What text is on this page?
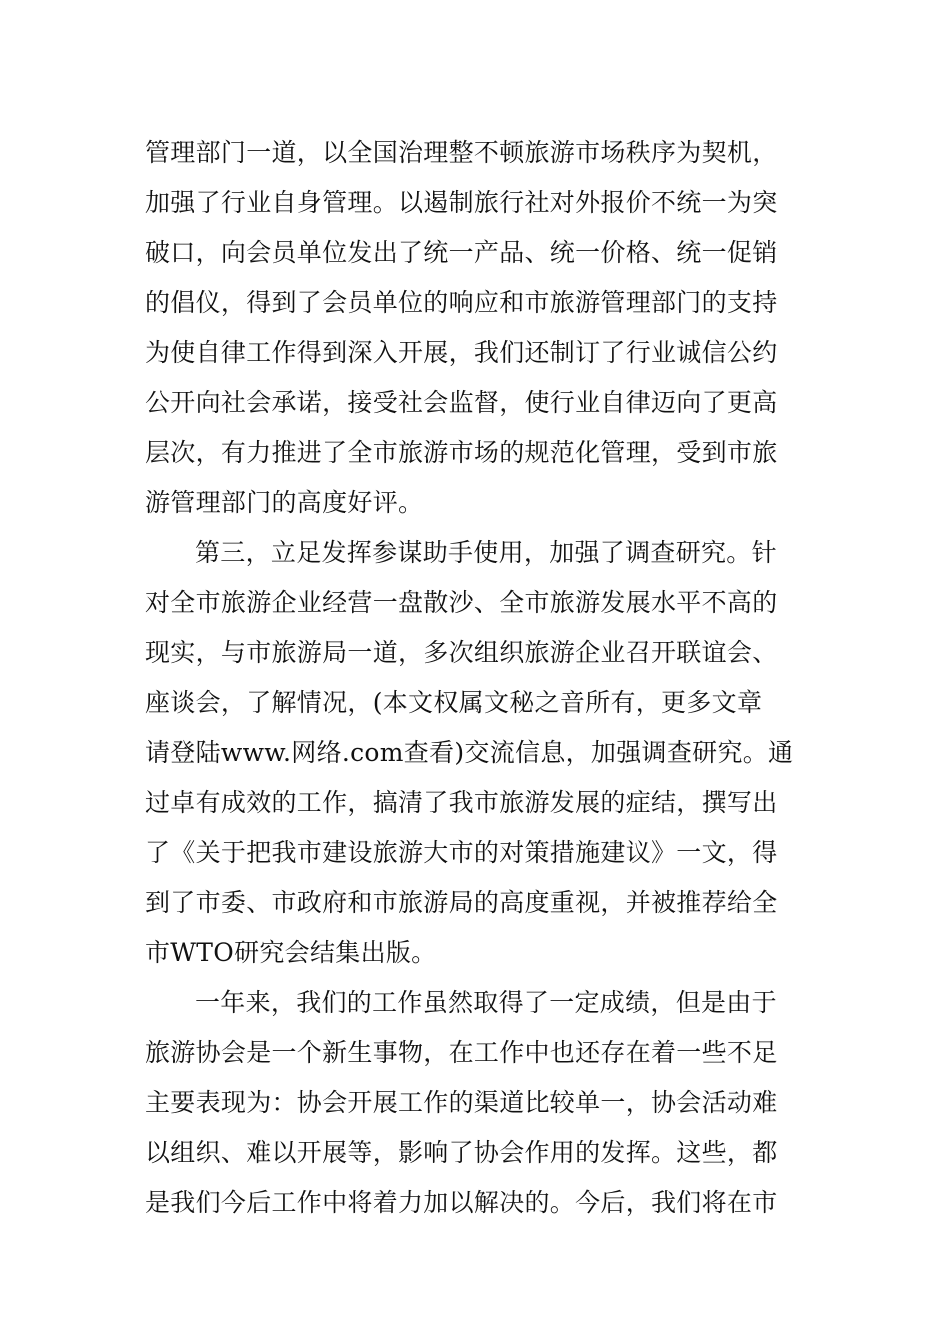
管理部门一道，以全国治理整不顿旅游市场秩序为契机，
加强了行业自身管理。以遏制旅行社对外报价不统一为突
破口，向会员单位发出了统一产品、统一价格、统一促销
的倡仪，得到了会员单位的响应和市旅游管理部门的支持
为使自律工作得到深入开展，我们还制订了行业诚信公约
公开向社会承诺，接受社会监督，使行业自律迈向了更高
层次，有力推进了全市旅游市场的规范化管理，受到市旅
游管理部门的高度好评。
第三，立足发挥参谋助手使用，加强了调查研究。针
对全市旅游企业经营一盘散沙、全市旅游发展水平不高的
现实，与市旅游局一道，多次组织旅游企业召开联谊会、
座谈会，了解情况，(本文权属文秘之音所有，更多文章
请登陆www.网络.com查看)交流信息，加强调查研究。通
过卓有成效的工作，搞清了我市旅游发展的症结，撰写出
了《关于把我市建设旅游大市的对策措施建议》一文，得
到了市委、市政府和市旅游局的高度重视，并被推荐给全
市WTO研究会结集出版。
一年来，我们的工作虽然取得了一定成绩，但是由于
旅游协会是一个新生事物，在工作中也还存在着一些不足
主要表现为：协会开展工作的渠道比较单一，协会活动难
以组织、难以开展等，影响了协会作用的发挥。这些，都
是我们今后工作中将着力加以解决的。今后，我们将在市
